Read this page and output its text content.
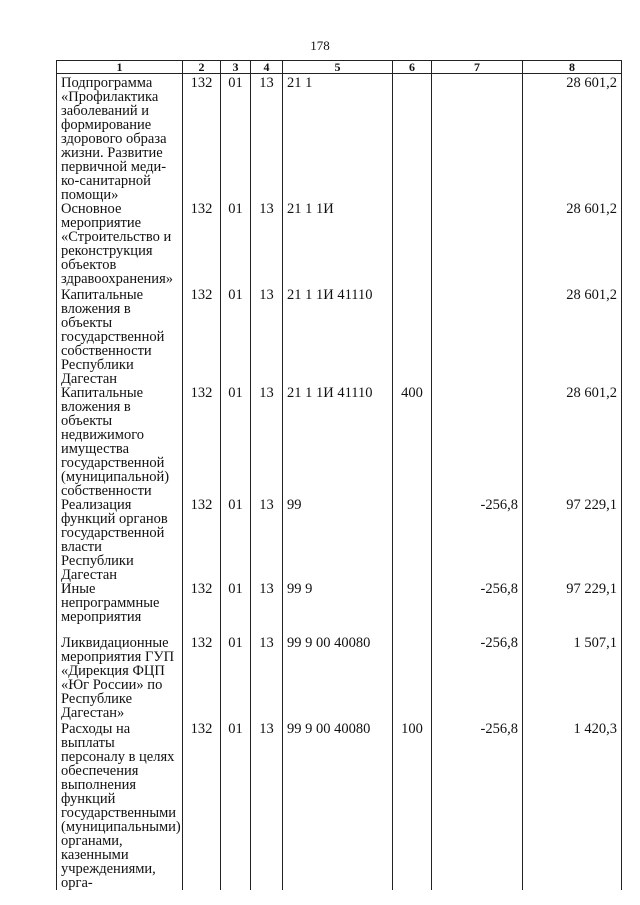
178
1	2	3	4	5	6	7	8
Подпрограмма «Профилактика заболеваний и формирование здорового образа жизни. Развитие первичной меди-ко-санитарной помощи»	132	01	13	21 1			28 601,2
Основное мероприятие «Строительство и реконструкция объектов здравоохранения»	132	01	13	21 1 1И			28 601,2
Капитальные вложения в объекты государственной собственности Республики Дагестан	132	01	13	21 1 1И 41110			28 601,2
Капитальные вложения в объекты недвижимого имущества государственной (муниципальной) собственности	132	01	13	21 1 1И 41110	400		28 601,2
Реализация функций органов государственной власти Республики Дагестан	132	01	13	99		-256,8	97 229,1
Иные непрограммные мероприятия	132	01	13	99 9		-256,8	97 229,1
Ликвидационные мероприятия ГУП «Дирекция ФЦП «Юг России» по Республике Дагестан»	132	01	13	99 9 00 40080		-256,8	1 507,1
Расходы на выплаты персоналу в целях обеспечения выполнения функций государственными (муниципальными) органами, казенными учреждениями, орга-	132	01	13	99 9 00 40080	100	-256,8	1 420,3
